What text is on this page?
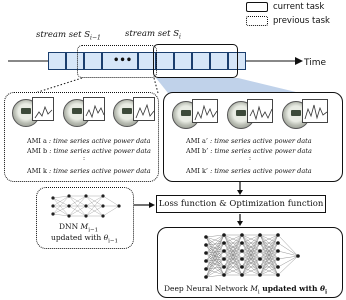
current task
previous task
stream set $S_{i-1}$	stream set $S_i$
Time
•••
AMI a : time series active power data
AMI b : time series active power data
:
AMI k : time series active power data
AMI a’ : time series active power data
AMI b’ : time series active power data
:
AMI k’ : time series active power data
Loss function & Optimization function
DNN $M_{i-1}$
updated with $\theta_{i-1}$
Deep Neural Network $M_i$ updated with $\theta_i$
